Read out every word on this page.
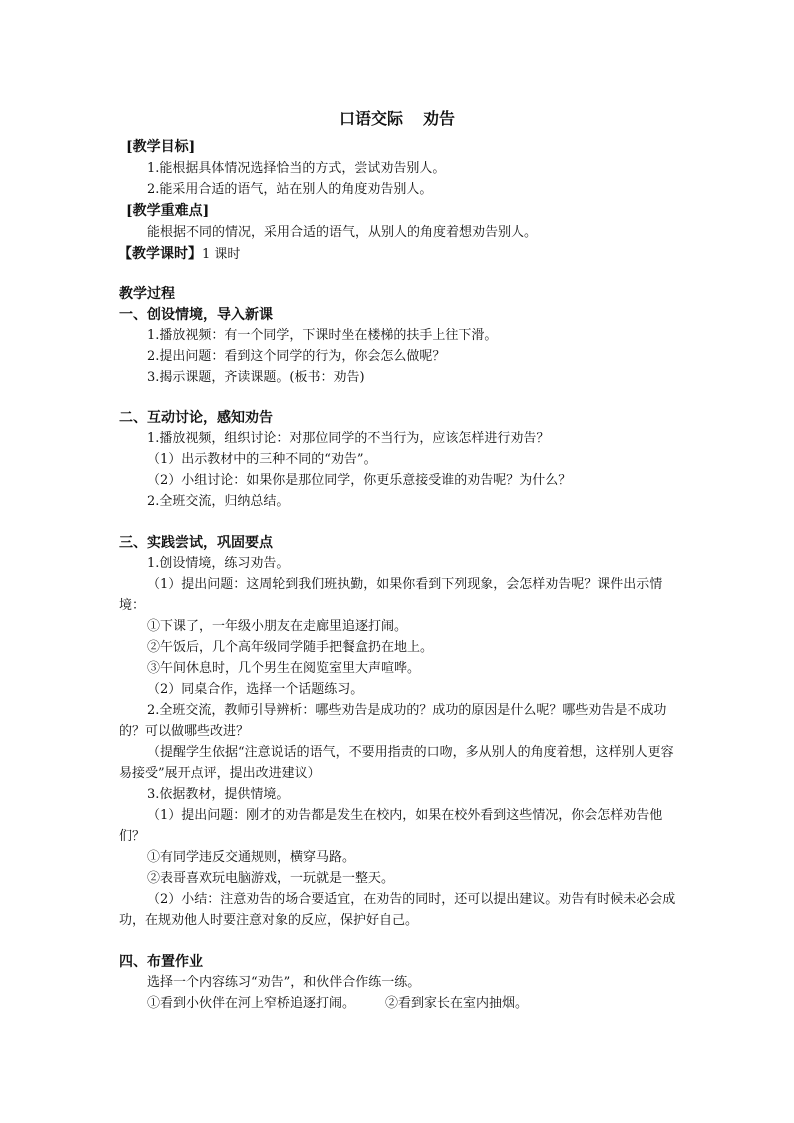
口语交际 劝告
[教学目标]
1.能根据具体情况选择恰当的方式，尝试劝告别人。
2.能采用合适的语气，站在别人的角度劝告别人。
[教学重难点]
能根据不同的情况，采用合适的语气，从别人的角度着想劝告别人。
【教学课时】1 课时
教学过程
一、创设情境，导入新课
1.播放视频：有一个同学，下课时坐在楼梯的扶手上往下滑。
2.提出问题：看到这个同学的行为，你会怎么做呢？
3.揭示课题，齐读课题。(板书：劝告)
二、互动讨论，感知劝告
1.播放视频，组织讨论：对那位同学的不当行为，应该怎样进行劝告？
（1）出示教材中的三种不同的“劝告”。
（2）小组讨论：如果你是那位同学，你更乐意接受谁的劝告呢？为什么？
2.全班交流，归纳总结。
三、实践尝试，巩固要点
1.创设情境，练习劝告。
（1）提出问题：这周轮到我们班执勤，如果你看到下列现象，会怎样劝告呢？课件出示情境：
①下课了，一年级小朋友在走廊里追逐打闹。
②午饭后，几个高年级同学随手把餐盒扔在地上。
③午间休息时，几个男生在阅览室里大声喧哗。
（2）同桌合作，选择一个话题练习。
2.全班交流，教师引导辨析：哪些劝告是成功的？成功的原因是什么呢？哪些劝告是不成功的？可以做哪些改进？
（提醒学生依据“注意说话的语气，不要用指责的口吻，多从别人的角度着想，这样别人更容易接受”展开点评，提出改进建议）
3.依据教材，提供情境。
（1）提出问题：刚才的劝告都是发生在校内，如果在校外看到这些情况，你会怎样劝告他们？
①有同学违反交通规则，横穿马路。
②表哥喜欢玩电脑游戏，一玩就是一整天。
（2）小结：注意劝告的场合要适宜，在劝告的同时，还可以提出建议。劝告有时候未必会成功，在规劝他人时要注意对象的反应，保护好自己。
四、布置作业
选择一个内容练习“劝告”，和伙伴合作练一练。
①看到小伙伴在河上窄桥追逐打闹。 ②看到家长在室内抽烟。
